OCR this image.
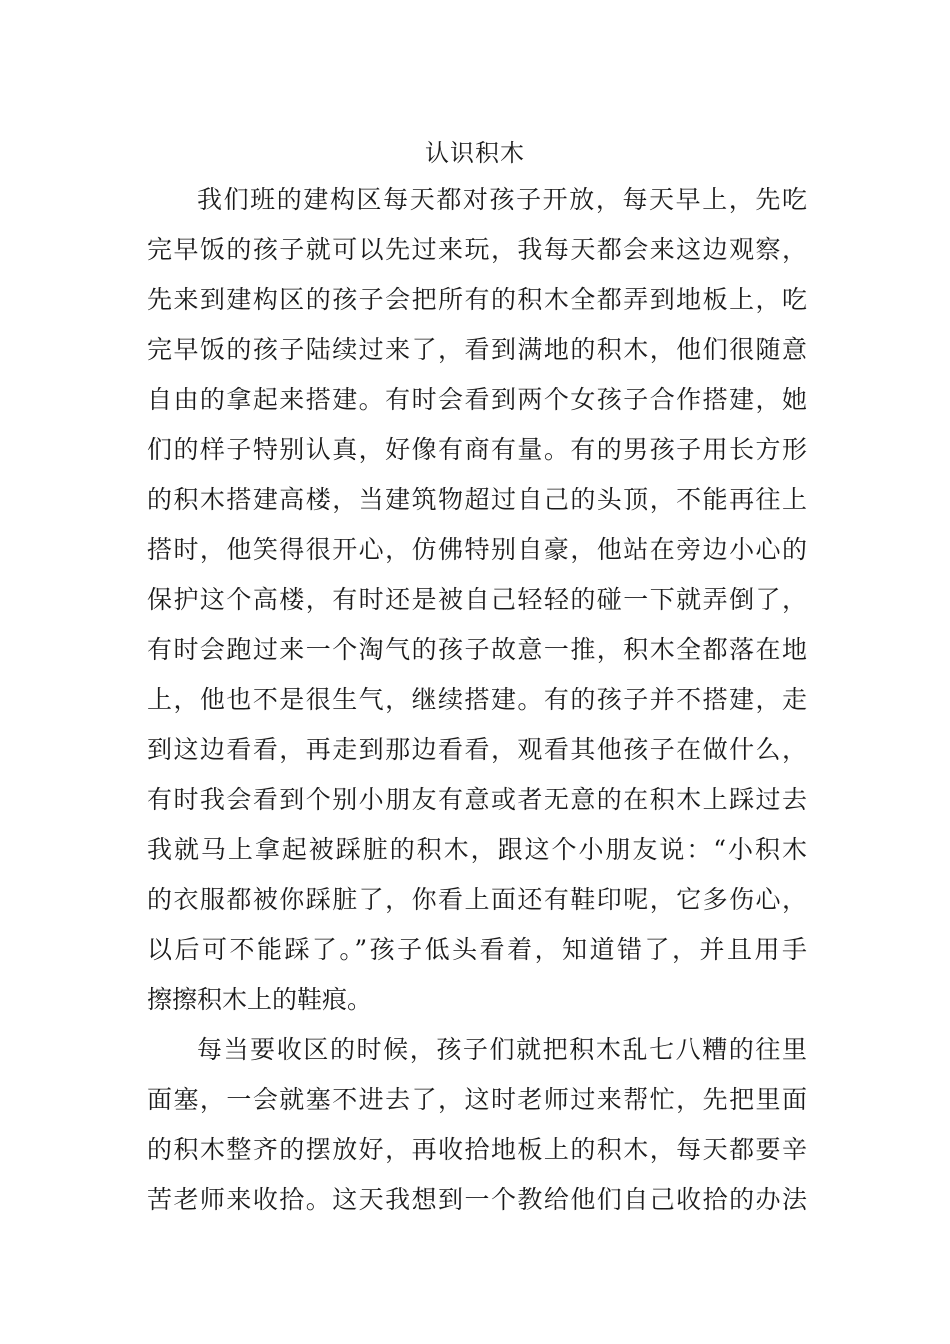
认识积木
我们班的建构区每天都对孩子开放，每天早上，先吃
完早饭的孩子就可以先过来玩，我每天都会来这边观察，
先来到建构区的孩子会把所有的积木全都弄到地板上，吃
完早饭的孩子陆续过来了，看到满地的积木，他们很随意
自由的拿起来搭建。有时会看到两个女孩子合作搭建，她
们的样子特别认真，好像有商有量。有的男孩子用长方形
的积木搭建高楼，当建筑物超过自己的头顶，不能再往上
搭时，他笑得很开心，仿佛特别自豪，他站在旁边小心的
保护这个高楼，有时还是被自己轻轻的碰一下就弄倒了，
有时会跑过来一个淘气的孩子故意一推，积木全都落在地
上，他也不是很生气，继续搭建。有的孩子并不搭建，走
到这边看看，再走到那边看看，观看其他孩子在做什么，
有时我会看到个别小朋友有意或者无意的在积木上踩过去
我就马上拿起被踩脏的积木，跟这个小朋友说：“小积木
的衣服都被你踩脏了，你看上面还有鞋印呢，它多伤心，
以后可不能踩了。”孩子低头看着，知道错了，并且用手
擦擦积木上的鞋痕。
每当要收区的时候，孩子们就把积木乱七八糟的往里
面塞，一会就塞不进去了，这时老师过来帮忙，先把里面
的积木整齐的摆放好，再收拾地板上的积木，每天都要辛
苦老师来收拾。这天我想到一个教给他们自己收拾的办法
